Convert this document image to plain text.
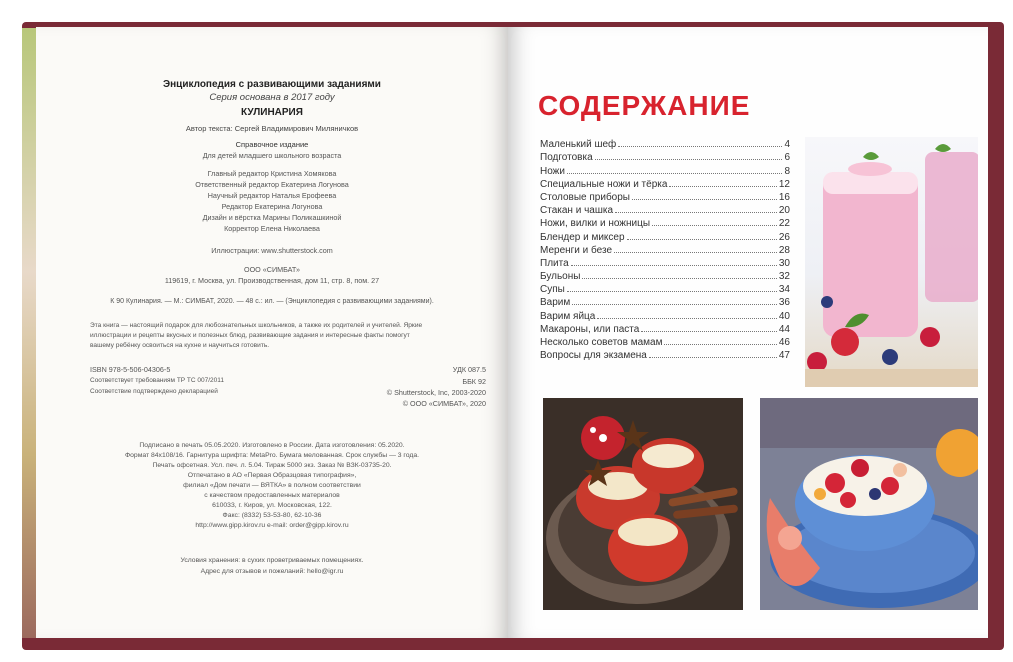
Энциклопедия с развивающими заданиями
Серия основана в 2017 году
КУЛИНАРИЯ
Автор текста: Сергей Владимирович Миляничков
Справочное издание
Для детей младшего школьного возраста
Главный редактор Кристина Хомякова
Ответственный редактор Екатерина Логунова
Научный редактор Наталья Ерофеева
Редактор Екатерина Логунова
Дизайн и вёрстка Марины Поликашкиной
Корректор Елена Николаева
Иллюстрации: www.shutterstock.com
ООО «СИМБАТ»
119619, г. Москва, ул. Производственная, дом 11, стр. 8, пом. 27
К 90 Кулинария. — М.: СИМБАТ, 2020. — 48 с.: ил. — (Энциклопедия с развивающими заданиями).
Эта книга — настоящий подарок для любознательных школьников, а также их родителей и учителей. Яркие
иллюстрации и рецепты вкусных и полезных блюд, развивающие задания и интересные факты помогут
вашему ребёнку освоиться на кухне и научиться готовить.
ISBN 978-5-506-04306-5
Соответствует требованиям ТР ТС 007/2011
Соответствие подтверждено декларацией
УДК 087.5
ББК 92
© Shutterstock, Inc, 2003-2020
© ООО «СИМБАТ», 2020
Подписано в печать 05.05.2020. Изготовлено в России. Дата изготовления: 05.2020.
Формат 84х108/16. Гарнитура шрифта: MetaPro. Бумага мелованная. Срок службы — 3 года.
Печать офсетная. Усл. печ. л. 5.04. Тираж 5000 экз. Заказ № ВЗК-03735-20.
Отпечатано в АО «Первая Образцовая типография»,
филиал «Дом печати — ВЯТКА» в полном соответствии
с качеством предоставленных материалов
610033, г. Киров, ул. Московская, 122.
Факс: (8332) 53-53-80, 62-10-36
http://www.gipp.kirov.ru e-mail: order@gipp.kirov.ru
Условия хранения: в сухих проветриваемых помещениях.
Адрес для отзывов и пожеланий: hello@igr.ru
СОДЕРЖАНИЕ
Маленький шеф	4
Подготовка	6
Ножи	8
Специальные ножи и тёрка	12
Столовые приборы	16
Стакан и чашка	20
Ножи, вилки и ножницы	22
Блендер и миксер	26
Меренги и безе	28
Плита	30
Бульоны	32
Супы	34
Варим	36
Варим яйца	40
Макароны, или паста	44
Несколько советов мамам	46
Вопросы для экзамена	47
